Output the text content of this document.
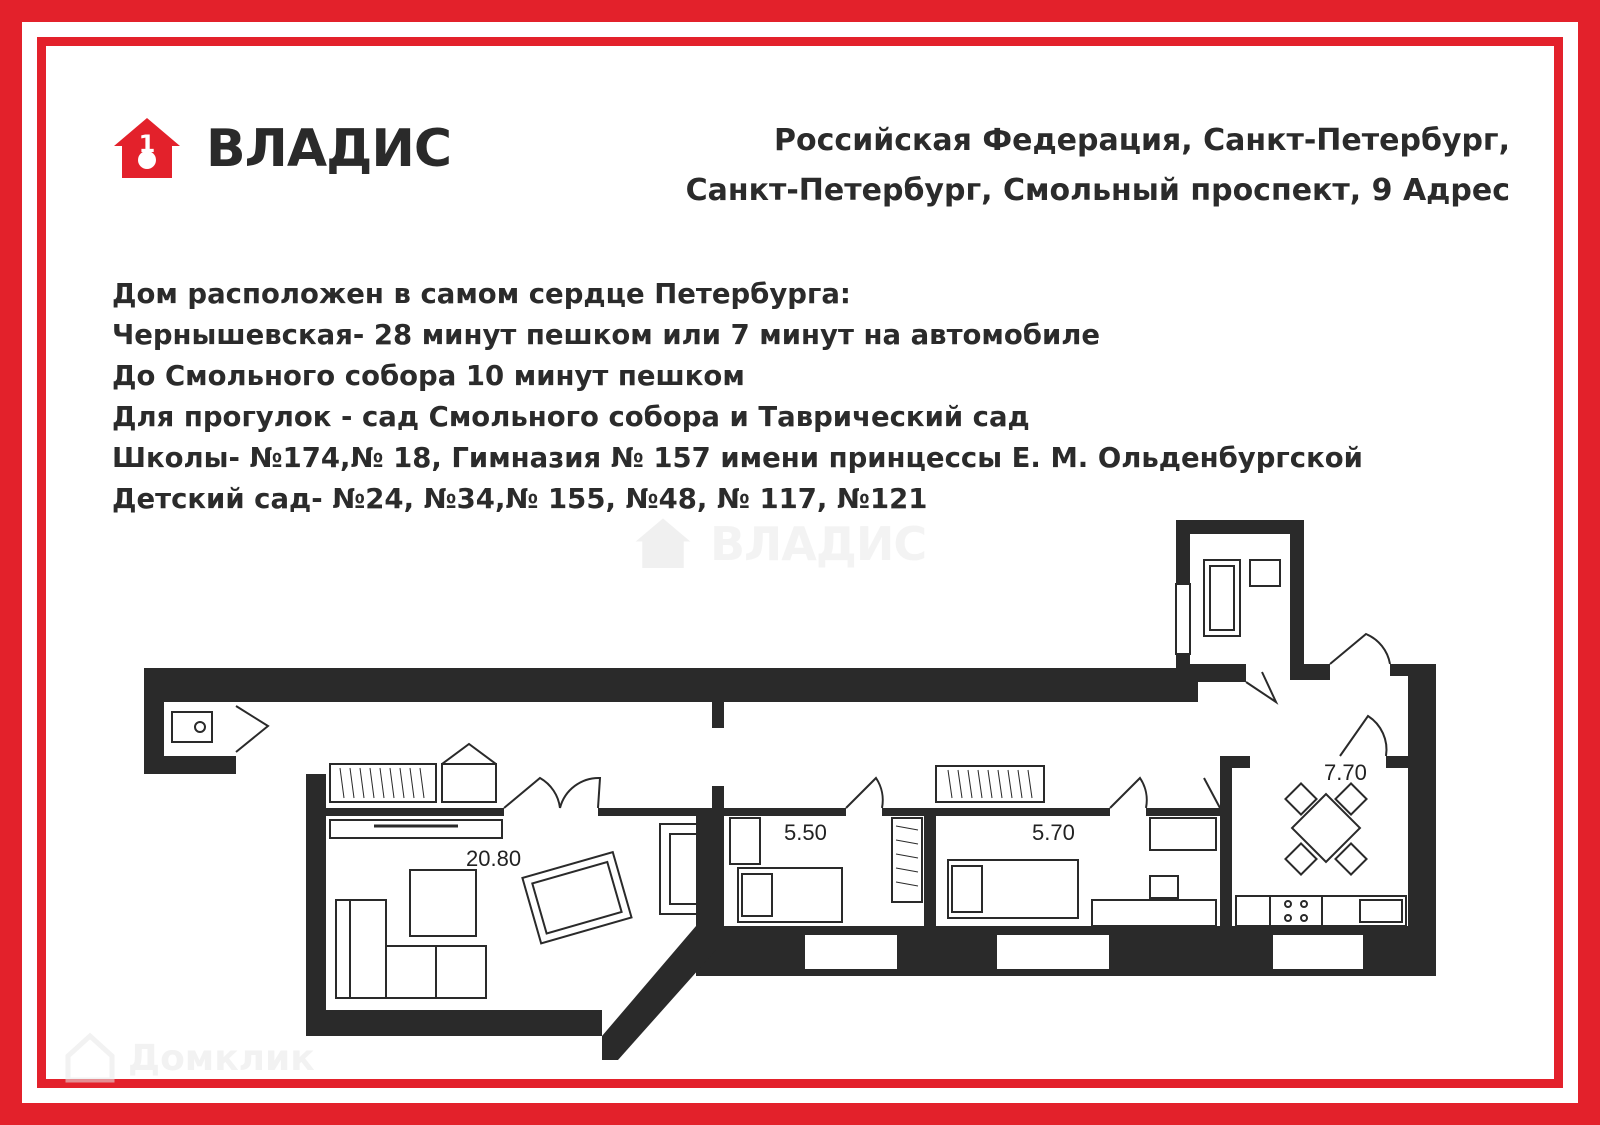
1 ВЛАДИС	Российская Федерация, Санкт-Петербург,
Санкт-Петербург, Смольный проспект, 9 Адрес
Дом расположен в самом сердце Петербурга:
Чернышевская- 28 минут пешком или 7 минут на автомобиле
До Смольного собора 10 минут пешком
Для прогулок - сад Смольного собора и Таврический сад
Школы- №174,№ 18, Гимназия № 157 имени принцессы Е. М. Ольденбургской
Детский сад- №24, №34,№ 155, №48, № 117, №121
ВЛАДИС
20.80
5.50	5.70
7.70
Домклик
